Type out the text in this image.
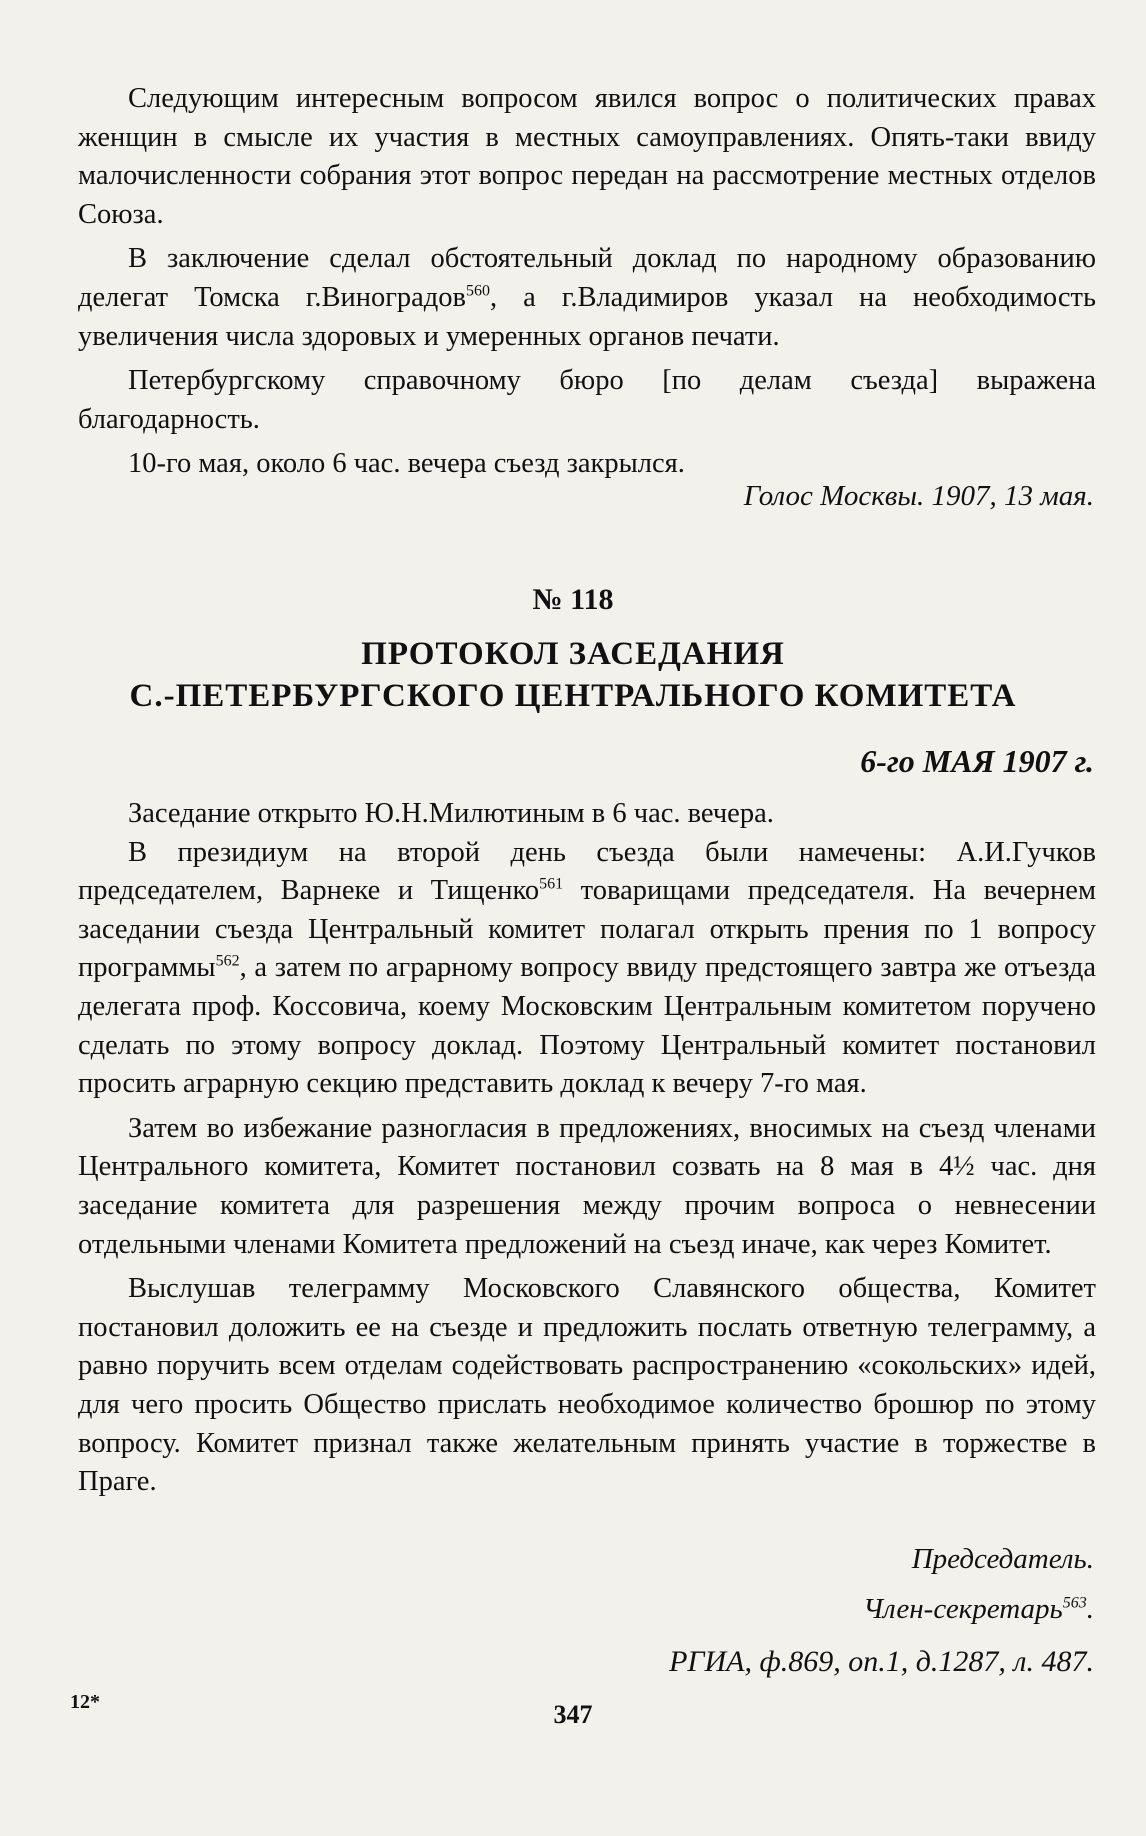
Следующим интересным вопросом явился вопрос о политических правах женщин в смысле их участия в местных самоуправлениях. Опять-таки ввиду малочисленности собрания этот вопрос передан на рассмотрение местных отделов Союза.

В заключение сделал обстоятельный доклад по народному образованию делегат Томска г.Виноградов$^{560}$, а г.Владимиров указал на необходимость увеличения числа здоровых и умеренных органов печати.

Петербургскому справочному бюро [по делам съезда] выражена благодарность.

10-го мая, около 6 час. вечера съезд закрылся.

Голос Москвы. 1907, 13 мая.
№ 118
ПРОТОКОЛ ЗАСЕДАНИЯ
С.-ПЕТЕРБУРГСКОГО ЦЕНТРАЛЬНОГО КОМИТЕТА
6-го МАЯ 1907 г.

Заседание открыто Ю.Н.Милютиным в 6 час. вечера.

В президиум на второй день съезда были намечены: А.И.Гучков председателем, Варнеке и Тищенко$^{561}$ товарищами председателя. На вечернем заседании съезда Центральный комитет полагал открыть прения по 1 вопросу программы$^{562}$, а затем по аграрному вопросу ввиду предстоящего завтра же отъезда делегата проф. Коссовича, коему Московским Центральным комитетом поручено сделать по этому вопросу доклад. Поэтому Центральный комитет постановил просить аграрную секцию представить доклад к вечеру 7-го мая.

Затем во избежание разногласия в предложениях, вносимых на съезд членами Центрального комитета, Комитет постановил созвать на 8 мая в 4½ час. дня заседание комитета для разрешения между прочим вопроса о невнесении отдельными членами Комитета предложений на съезд иначе, как через Комитет.

Выслушав телеграмму Московского Славянского общества, Комитет постановил доложить ее на съезде и предложить послать ответную телеграмму, а равно поручить всем отделам содействовать распространению «сокольских» идей, для чего просить Общество прислать необходимое количество брошюр по этому вопросу. Комитет признал также желательным принять участие в торжестве в Праге.

Председатель.
Член-секретарь$^{563}$.
РГИА, ф.869, оп.1, д.1287, л. 487.
12*	347
